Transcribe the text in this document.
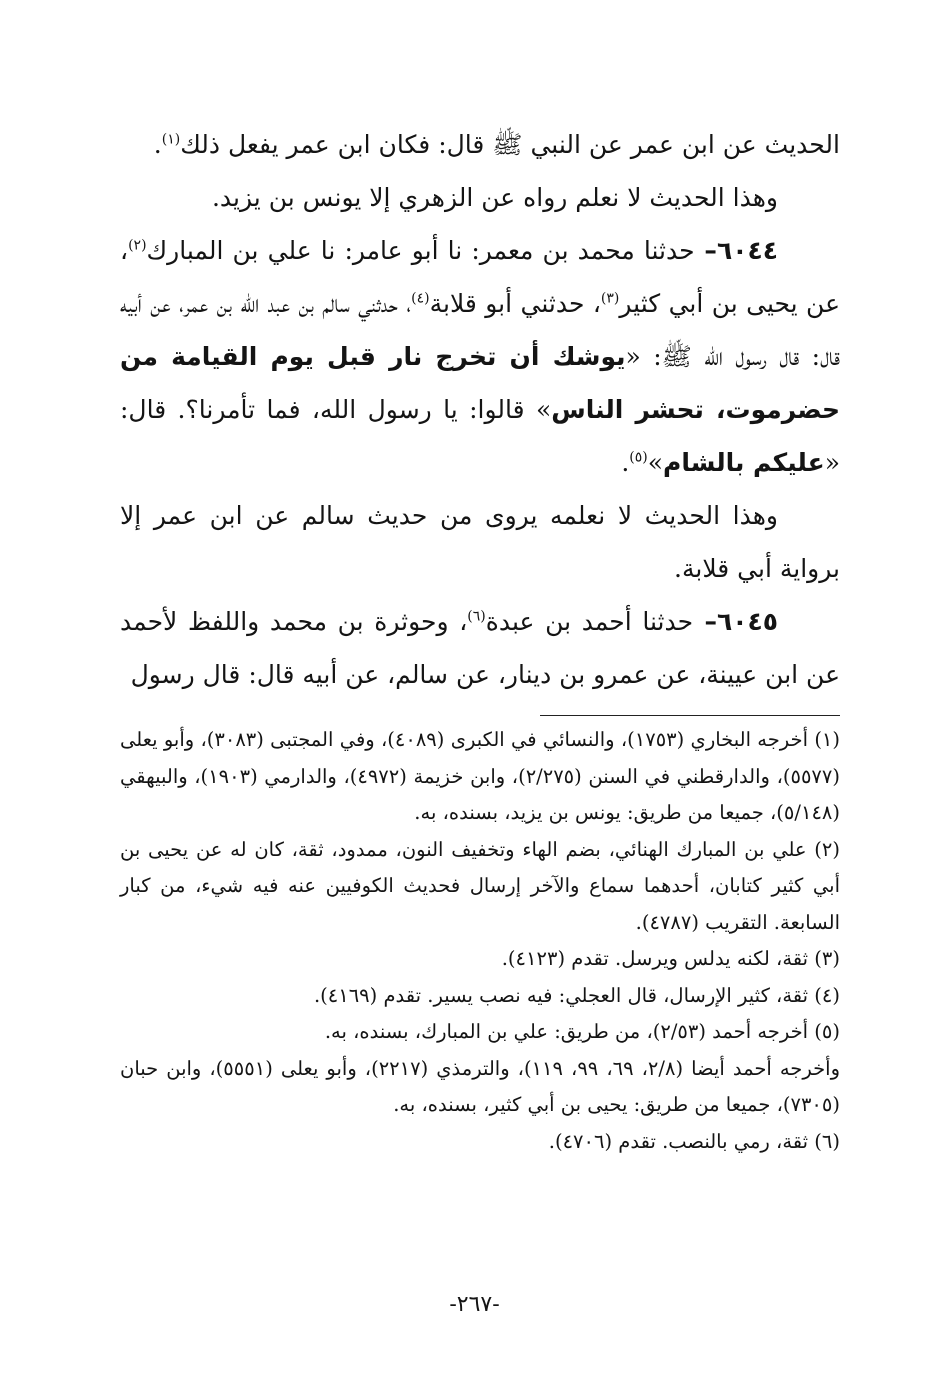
الحديث عن ابن عمر عن النبي ﷺ قال: فكان ابن عمر يفعل ذلك$^{(١)}$.

وهذا الحديث لا نعلم رواه عن الزهري إلا يونس بن يزيد.

٦٠٤٤– حدثنا محمد بن معمر: نا أبو عامر: نا علي بن المبارك$^{(٢)}$، عن يحيى بن أبي كثير$^{(٣)}$، حدثني أبو قلابة$^{(٤)}$، حدثني سالم بن عبد الله بن عمر، عن أبيه قال: قال رسول الله ﷺ: «يوشك أن تخرج نار قبل يوم القيامة من حضرموت، تحشر الناس» قالوا: يا رسول الله، فما تأمرنا؟. قال: «عليكم بالشام»$^{(٥)}$.

وهذا الحديث لا نعلمه يروى من حديث سالم عن ابن عمر إلا برواية أبي قلابة.

٦٠٤٥– حدثنا أحمد بن عبدة$^{(٦)}$، وحوثرة بن محمد واللفظ لأحمد عن ابن عيينة، عن عمرو بن دينار، عن سالم، عن أبيه قال: قال رسول

(١) أخرجه البخاري (١٧٥٣)، والنسائي في الكبرى (٤٠٨٩)، وفي المجتبى (٣٠٨٣)، وأبو يعلى (٥٥٧٧)، والدارقطني في السنن (٢/٢٧٥)، وابن خزيمة (٤٩٧٢)، والدارمي (١٩٠٣)، والبيهقي (٥/١٤٨)، جميعا من طريق: يونس بن يزيد، بسنده، به.

(٢) علي بن المبارك الهنائي، بضم الهاء وتخفيف النون، ممدود، ثقة، كان له عن يحيى بن أبي كثير كتابان، أحدهما سماع والآخر إرسال فحديث الكوفيين عنه فيه شيء، من كبار السابعة. التقريب (٤٧٨٧).

(٣) ثقة، لكنه يدلس ويرسل. تقدم (٤١٢٣).

(٤) ثقة، كثير الإرسال، قال العجلي: فيه نصب يسير. تقدم (٤١٦٩).

(٥) أخرجه أحمد (٢/٥٣)، من طريق: علي بن المبارك، بسنده، به.

وأخرجه أحمد أيضا (٢/٨، ٦٩، ٩٩، ١١٩)، والترمذي (٢٢١٧)، وأبو يعلى (٥٥٥١)، وابن حبان (٧٣٠٥)، جميعا من طريق: يحيى بن أبي كثير، بسنده، به.

(٦) ثقة، رمي بالنصب. تقدم (٤٧٠٦).

-٢٦٧-
